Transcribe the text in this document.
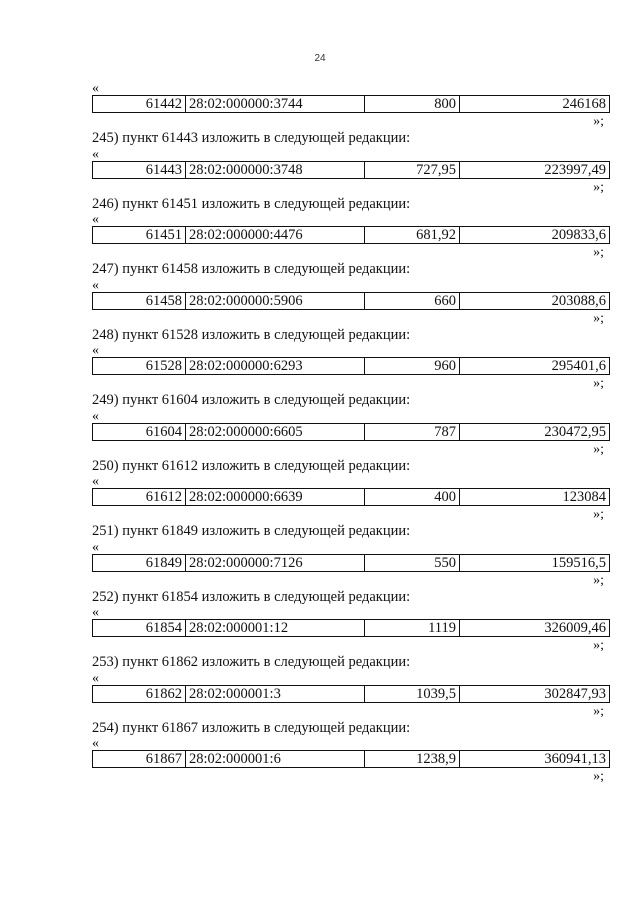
24
«
61442	28:02:000000:3744	800	246168
»;
245) пункт 61443 изложить в следующей редакции:
«
61443	28:02:000000:3748	727,95	223997,49
»;
246) пункт 61451 изложить в следующей редакции:
«
61451	28:02:000000:4476	681,92	209833,6
»;
247) пункт 61458 изложить в следующей редакции:
«
61458	28:02:000000:5906	660	203088,6
»;
248) пункт 61528 изложить в следующей редакции:
«
61528	28:02:000000:6293	960	295401,6
»;
249) пункт 61604 изложить в следующей редакции:
«
61604	28:02:000000:6605	787	230472,95
»;
250) пункт 61612 изложить в следующей редакции:
«
61612	28:02:000000:6639	400	123084
»;
251) пункт 61849 изложить в следующей редакции:
«
61849	28:02:000000:7126	550	159516,5
»;
252) пункт 61854 изложить в следующей редакции:
«
61854	28:02:000001:12	1119	326009,46
»;
253) пункт 61862 изложить в следующей редакции:
«
61862	28:02:000001:3	1039,5	302847,93
»;
254) пункт 61867 изложить в следующей редакции:
«
61867	28:02:000001:6	1238,9	360941,13
»;
